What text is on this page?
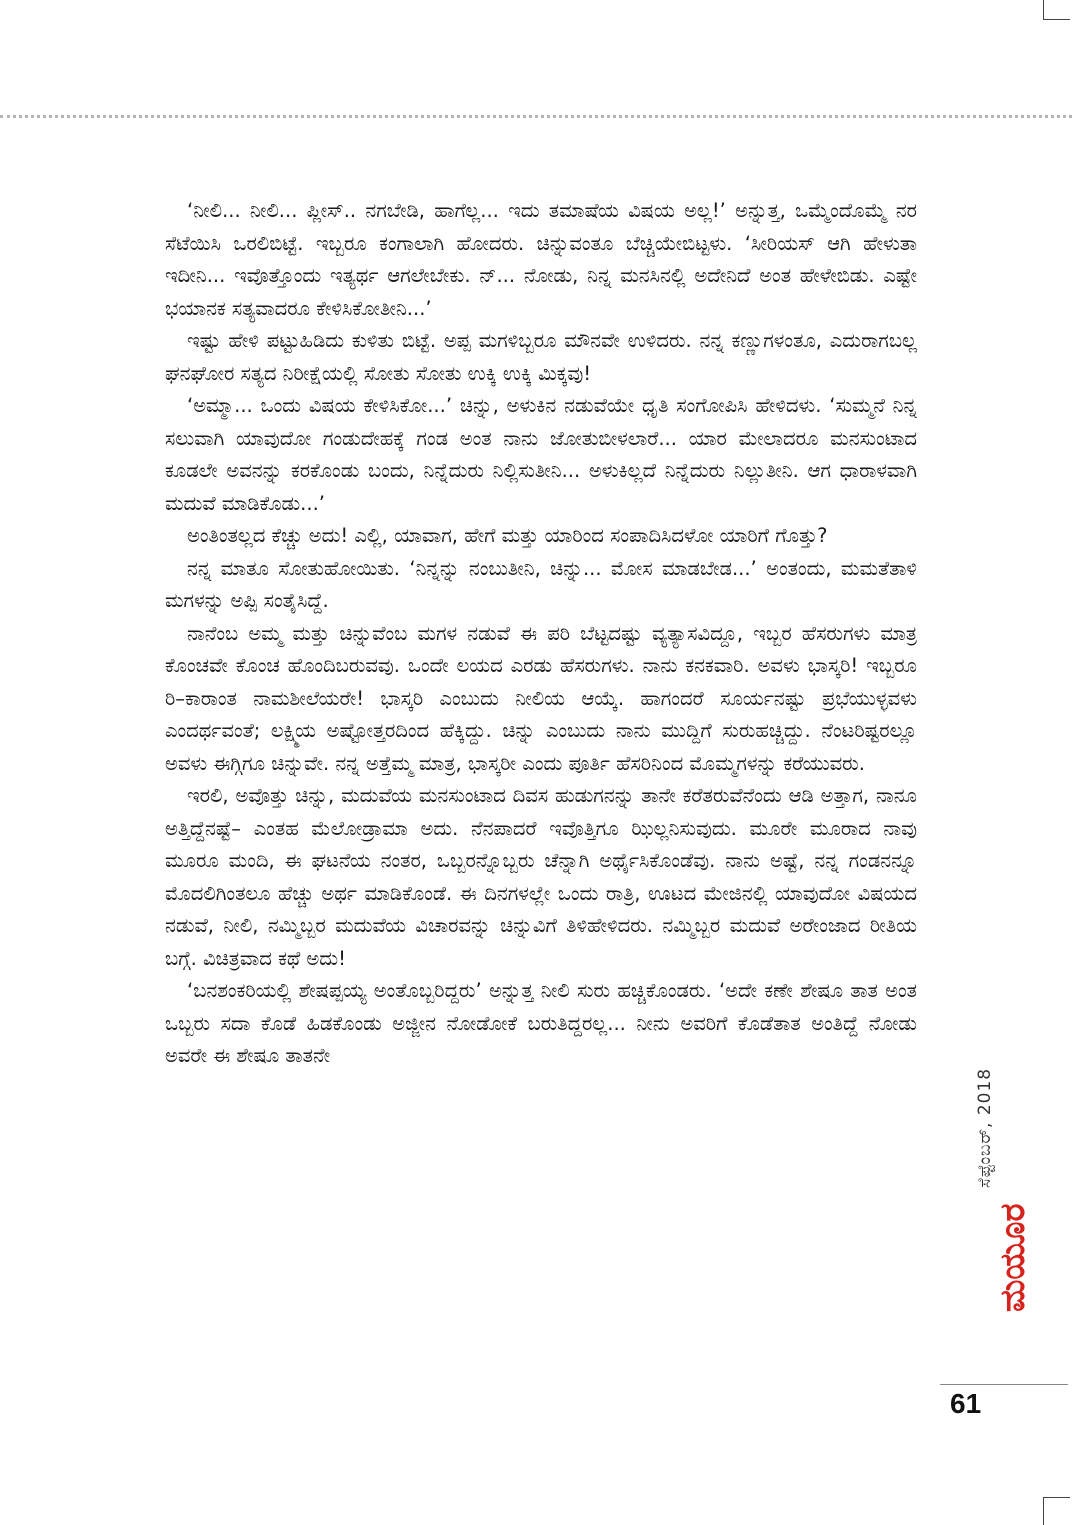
‘ನೀಲಿ... ನೀಲಿ... ಪ್ಲೀಸ್.. ನಗಬೇಡಿ, ಹಾಗೆಲ್ಲ... ಇದು ತಮಾಷೆಯ ವಿಷಯ ಅಲ್ಲ!’ ಅನ್ನುತ್ತ, ಒಮ್ಮೆಂದೊಮ್ಮೆ ನರ ಸೆಟೆಯಿಸಿ ಒರಲಿಬಿಟ್ಟೆ. ಇಬ್ಬರೂ ಕಂಗಾಲಾಗಿ ಹೋದರು. ಚಿನ್ನುವಂತೂ ಬೆಚ್ಚಿಯೇಬಿಟ್ಟಳು. ‘ಸೀರಿಯಸ್ ಆಗಿ ಹೇಳುತಾ ಇದೀನಿ... ಇವೊತ್ತೊಂದು ಇತ್ಯರ್ಥ ಆಗಲೇಬೇಕು. ನ್... ನೋಡು, ನಿನ್ನ ಮನಸಿನಲ್ಲಿ ಅದೇನಿದೆ ಅಂತ ಹೇಳೇಬಿಡು. ಎಷ್ಟೇ ಭಯಾನಕ ಸತ್ಯವಾದರೂ ಕೇಳಿಸಿಕೋತೀನಿ...’

ಇಷ್ಟು ಹೇಳಿ ಪಟ್ಟುಹಿಡಿದು ಕುಳಿತು ಬಿಟ್ಟೆ. ಅಪ್ಪ ಮಗಳಿಬ್ಬರೂ ಮೌನವೇ ಉಳಿದರು. ನನ್ನ ಕಣ್ಣುಗಳಂತೂ, ಎದುರಾಗಬಲ್ಲ ಘನಘೋರ ಸತ್ಯದ ನಿರೀಕ್ಷೆಯಲ್ಲಿ ಸೋತು ಸೋತು ಉಕ್ಕಿ ಉಕ್ಕಿ ಮಿಕ್ಕವು!

‘ಅಮ್ಮಾ... ಒಂದು ವಿಷಯ ಕೇಳಿಸಿಕೋ...’ ಚಿನ್ನು, ಅಳುಕಿನ ನಡುವೆಯೇ ಧೃತಿ ಸಂಗೋಪಿಸಿ ಹೇಳಿದಳು. ‘ಸುಮ್ಮನೆ ನಿನ್ನ ಸಲುವಾಗಿ ಯಾವುದೋ ಗಂಡುದೇಹಕ್ಕೆ ಗಂಡ ಅಂತ ನಾನು ಜೋತುಬೀಳಲಾರೆ... ಯಾರ ಮೇಲಾದರೂ ಮನಸುಂಟಾದ ಕೂಡಲೇ ಅವನನ್ನು ಕರಕೊಂಡು ಬಂದು, ನಿನ್ನೆದುರು ನಿಲ್ಲಿಸುತೀನಿ... ಅಳುಕಿಲ್ಲದೆ ನಿನ್ನೆದುರು ನಿಲ್ಲುತೀನಿ. ಆಗ ಧಾರಾಳವಾಗಿ ಮದುವೆ ಮಾಡಿಕೊಡು...’

ಅಂತಿಂತಲ್ಲದ ಕೆಚ್ಚು ಅದು! ಎಲ್ಲಿ, ಯಾವಾಗ, ಹೇಗೆ ಮತ್ತು ಯಾರಿಂದ ಸಂಪಾದಿಸಿದಳೋ ಯಾರಿಗೆ ಗೊತ್ತು?

ನನ್ನ ಮಾತೂ ಸೋತುಹೋಯಿತು. ‘ನಿನ್ನನ್ನು ನಂಬುತೀನಿ, ಚಿನ್ನು... ಮೋಸ ಮಾಡಬೇಡ...’ ಅಂತಂದು, ಮಮತೆತಾಳಿ ಮಗಳನ್ನು ಅಪ್ಪಿ ಸಂತೈಸಿದ್ದೆ.

ನಾನೆಂಬ ಅಮ್ಮ ಮತ್ತು ಚಿನ್ನುವೆಂಬ ಮಗಳ ನಡುವೆ ಈ ಪರಿ ಬೆಟ್ಟದಷ್ಟು ವ್ಯತ್ಯಾಸವಿದ್ದೂ, ಇಬ್ಬರ ಹೆಸರುಗಳು ಮಾತ್ರ ಕೊಂಚವೇ ಕೊಂಚ ಹೊಂದಿಬರುವವು. ಒಂದೇ ಲಯದ ಎರಡು ಹೆಸರುಗಳು. ನಾನು ಕನಕವಾರಿ. ಅವಳು ಭಾಸ್ಕರಿ! ಇಬ್ಬರೂ ರಿ–ಕಾರಾಂತ ನಾಮಶೀಲೆಯರೇ! ಭಾಸ್ಕರಿ ಎಂಬುದು ನೀಲಿಯ ಆಯ್ಕೆ. ಹಾಗಂದರೆ ಸೂರ್ಯನಷ್ಟು ಪ್ರಭೆಯುಳ್ಳವಳು ಎಂದರ್ಥವಂತೆ; ಲಕ್ಷ್ಮಿಯ ಅಷ್ಟೋತ್ತರದಿಂದ ಹೆಕ್ಕಿದ್ದು. ಚಿನ್ನು ಎಂಬುದು ನಾನು ಮುದ್ದಿಗೆ ಸುರುಹಚ್ಚಿದ್ದು. ನೆಂಟರಿಷ್ಟರಲ್ಲೂ ಅವಳು ಈಗ್ಗಿಗೂ ಚಿನ್ನುವೇ. ನನ್ನ ಅತ್ತೆಮ್ಮ ಮಾತ್ರ, ಭಾಸ್ಕರೀ ಎಂದು ಪೂರ್ತಿ ಹೆಸರಿನಿಂದ ಮೊಮ್ಮಗಳನ್ನು ಕರೆಯುವರು.

ಇರಲಿ, ಅವೊತ್ತು ಚಿನ್ನು, ಮದುವೆಯ ಮನಸುಂಟಾದ ದಿವಸ ಹುಡುಗನನ್ನು ತಾನೇ ಕರೆತರುವೆನೆಂದು ಆಡಿ ಅತ್ತಾಗ, ನಾನೂ ಅತ್ತಿದ್ದೆನಷ್ಟೆ– ಎಂತಹ ಮೆಲೋಡ್ರಾಮಾ ಅದು. ನೆನಪಾದರೆ ಇವೊತ್ತಿಗೂ ಝಿಲ್ಲನಿಸುವುದು. ಮೂರೇ ಮೂರಾದ ನಾವು ಮೂರೂ ಮಂದಿ, ಈ ಘಟನೆಯ ನಂತರ, ಒಬ್ಬರನ್ನೊಬ್ಬರು ಚೆನ್ನಾಗಿ ಅರ್ಥೈಸಿಕೊಂಡೆವು. ನಾನು ಅಷ್ಟೆ, ನನ್ನ ಗಂಡನನ್ನೂ ಮೊದಲಿಗಿಂತಲೂ ಹೆಚ್ಚು ಅರ್ಥ ಮಾಡಿಕೊಂಡೆ. ಈ ದಿನಗಳಲ್ಲೇ ಒಂದು ರಾತ್ರಿ, ಊಟದ ಮೇಜಿನಲ್ಲಿ ಯಾವುದೋ ವಿಷಯದ ನಡುವೆ, ನೀಲಿ, ನಮ್ಮಿಬ್ಬರ ಮದುವೆಯ ವಿಚಾರವನ್ನು ಚಿನ್ನುವಿಗೆ ತಿಳಿಹೇಳಿದರು. ನಮ್ಮಿಬ್ಬರ ಮದುವೆ ಅರೇಂಜಾದ ರೀತಿಯ ಬಗ್ಗೆ. ವಿಚಿತ್ರವಾದ ಕಥೆ ಅದು!

‘ಬನಶಂಕರಿಯಲ್ಲಿ ಶೇಷಪ್ಪಯ್ಯ ಅಂತೊಬ್ಬರಿದ್ದರು’ ಅನ್ನುತ್ತ ನೀಲಿ ಸುರು ಹಚ್ಚಿಕೊಂಡರು. ‘ಅದೇ ಕಣೇ ಶೇಷೂ ತಾತ ಅಂತ ಒಬ್ಬರು ಸದಾ ಕೊಡೆ ಹಿಡಕೊಂಡು ಅಜ್ಜೀನ ನೋಡೋಕೆ ಬರುತಿದ್ದರಲ್ಲ... ನೀನು ಅವರಿಗೆ ಕೊಡೆತಾತ ಅಂತಿದ್ದೆ ನೋಡು ಅವರೇ ಈ ಶೇಷೂ ತಾತನೇ

ಸೆಪ್ಟೆಂಬರ್, 2018
ಮಯೂರ
61
